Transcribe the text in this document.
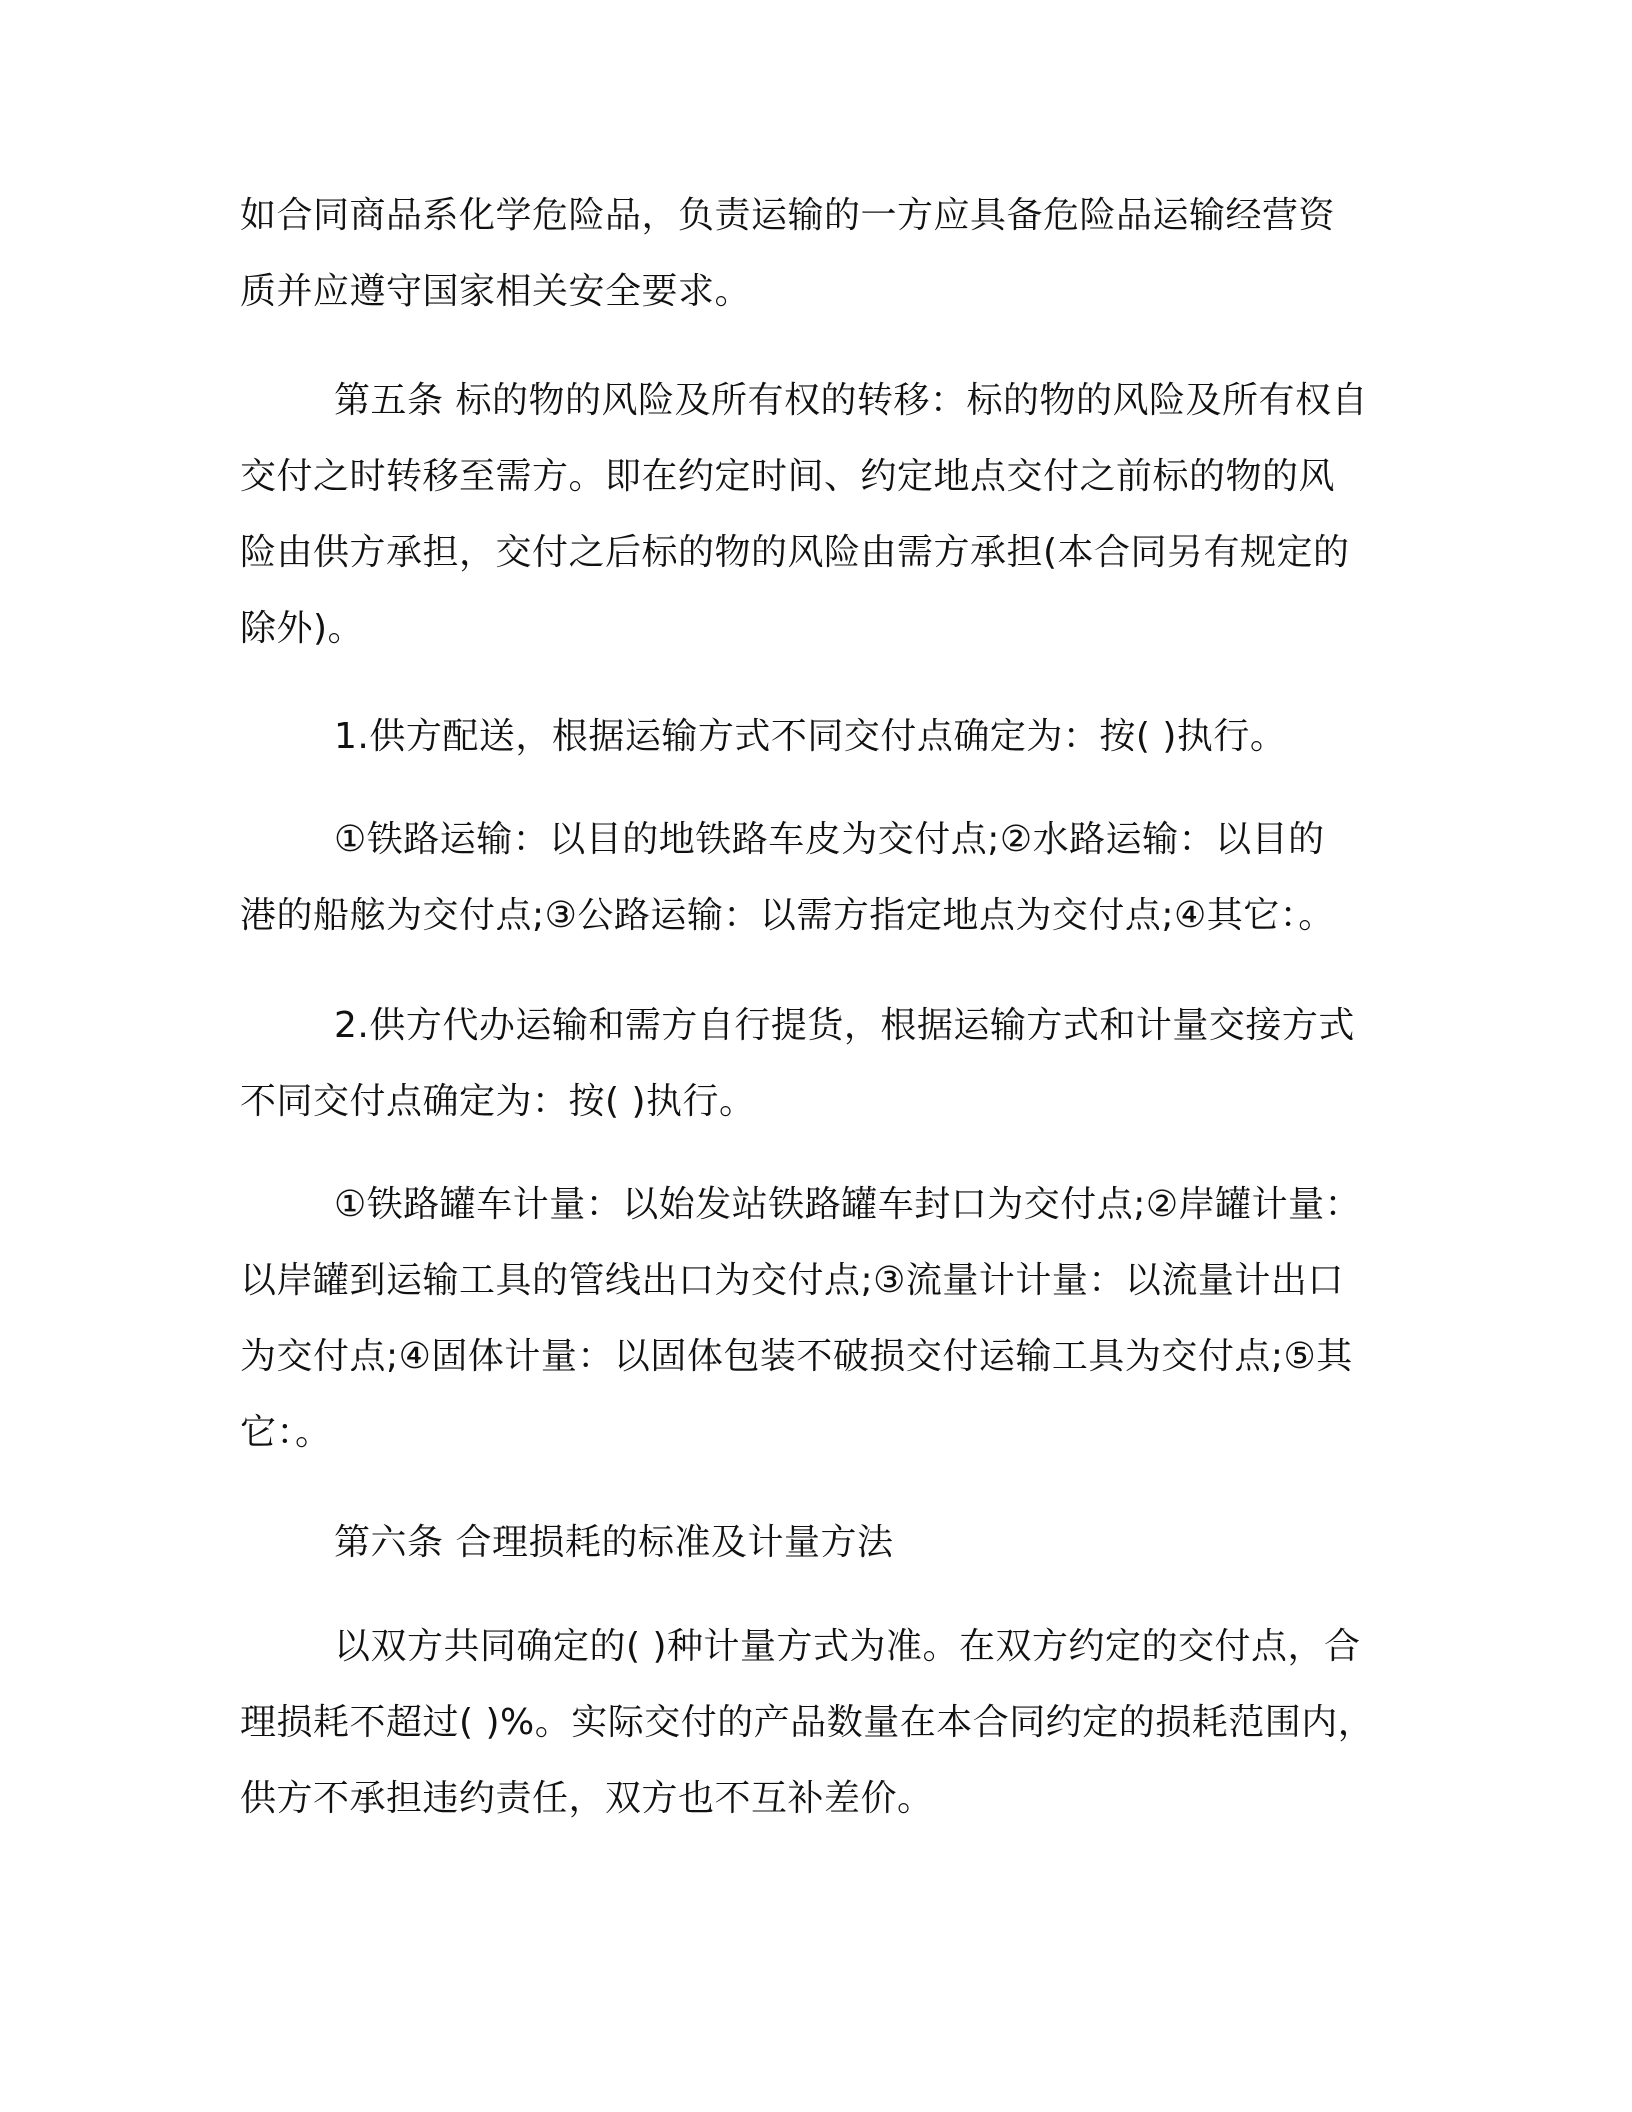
如合同商品系化学危险品，负责运输的一方应具备危险品运输经营资
质并应遵守国家相关安全要求。
第五条 标的物的风险及所有权的转移：标的物的风险及所有权自
交付之时转移至需方。即在约定时间、约定地点交付之前标的物的风
险由供方承担，交付之后标的物的风险由需方承担(本合同另有规定的
除外)。
1.供方配送，根据运输方式不同交付点确定为：按( )执行。
①铁路运输：以目的地铁路车皮为交付点;②水路运输：以目的
港的船舷为交付点;③公路运输：以需方指定地点为交付点;④其它：。
2.供方代办运输和需方自行提货，根据运输方式和计量交接方式
不同交付点确定为：按( )执行。
①铁路罐车计量：以始发站铁路罐车封口为交付点;②岸罐计量：
以岸罐到运输工具的管线出口为交付点;③流量计计量：以流量计出口
为交付点;④固体计量：以固体包装不破损交付运输工具为交付点;⑤其
它：。
第六条 合理损耗的标准及计量方法
以双方共同确定的( )种计量方式为准。在双方约定的交付点，合
理损耗不超过( )%。实际交付的产品数量在本合同约定的损耗范围内，
供方不承担违约责任，双方也不互补差价。
